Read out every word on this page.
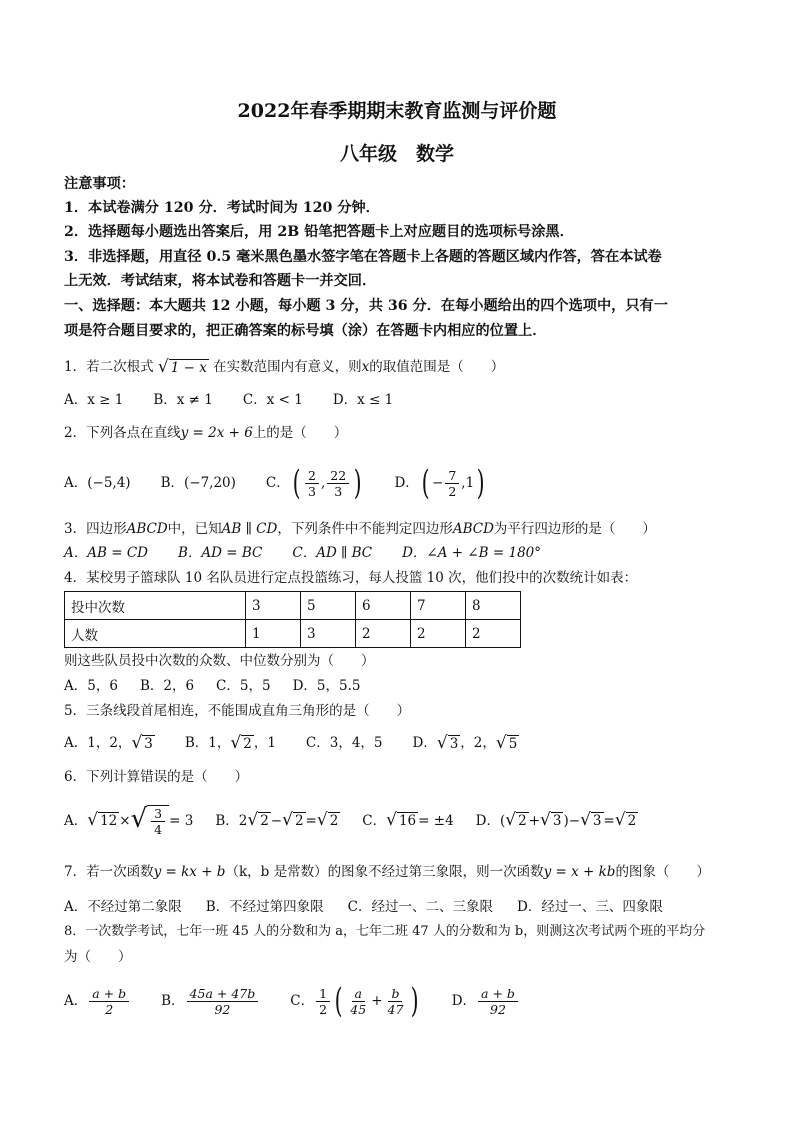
2022年春季期期末教育监测与评价题
八年级　数学
注意事项：
1．本试卷满分 120 分．考试时间为 120 分钟．
2．选择题每小题选出答案后，用 2B 铅笔把答题卡上对应题目的选项标号涂黑．
3．非选择题，用直径 0.5 毫米黑色墨水签字笔在答题卡上各题的答题区域内作答，答在本试卷
上无效．考试结束，将本试卷和答题卡一并交回．
一、选择题：本大题共 12 小题，每小题 3 分，共 36 分．在每小题给出的四个选项中，只有一
项是符合题目要求的，把正确答案的标号填（涂）在答题卡内相应的位置上．
1．若二次根式 √ 1 − x 在实数范围内有意义，则x的取值范围是（　　）
A．x ≥ 1 B．x ≠ 1 C．x < 1 D．x ≤ 1
2．下列各点在直线y = 2x + 6上的是（　　）
A．(−5,4) B．(−7,20) C． ( $\frac{2}{3}$ , $\frac{22}{3}$ ) D． ( − $\frac{7}{2} ,1$ )
3．四边形ABCD中，已知AB ∥ CD，下列条件中不能判定四边形ABCD为平行四边形的是（　　）
A．AB = CD B．AD = BC C．AD ∥ BC D．∠A + ∠B = 180°
4．某校男子篮球队 10 名队员进行定点投篮练习，每人投篮 10 次，他们投中的次数统计如表：
投中次数	3	5	6	7	8
人数	1	3	2	2	2
则这些队员投中次数的众数、中位数分别为（　　）
A．5，6 B．2，6 C．5，5 D．5，5.5
5．三条线段首尾相连，不能围成直角三角形的是（　　）
A．1，2， √ 3 B．1， √ 2 ，1 C．3，4，5 D． √ 3 ，2， √ 5
6．下列计算错误的是（　　）
A． √ 12 × √ $\frac{3}{4} = 3$ B． 2 √ 2 − √ 2 = √ 2 C． √ 16 = ±4 D． ( √ 2 + √ 3 ) − √ 3 = √ 2
7．若一次函数y = kx + b（k，b 是常数）的图象不经过第三象限，则一次函数y = x + kb的图象（　　）
A．不经过第二象限 B．不经过第四象限 C．经过一、二、三象限 D．经过一、三、四象限
8．一次数学考试，七年一班 45 人的分数和为 a，七年二班 47 人的分数和为 b，则测这次考试两个班的平均分
为（　　）
A． $\frac{a + b}{2}$ B． $\frac{45a + 47b}{92}$ C． $\frac{1}{2}$ ( $\frac{a}{45} + \frac{b}{47}$ ) D． $\frac{a + b}{92}$
